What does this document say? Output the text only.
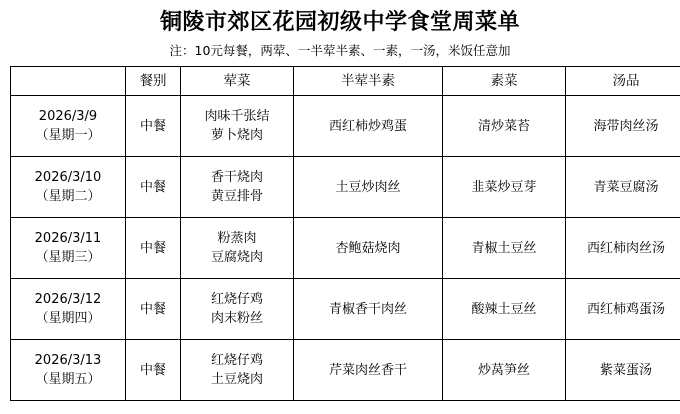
铜陵市郊区花园初级中学食堂周菜单
注：10元每餐，两荤、一半荤半素、一素，一汤，米饭任意加
	餐别	荤菜	半荤半素	素菜	汤品

2026/3/9
（星期一）	中餐	肉味千张结
萝卜烧肉	西红柿炒鸡蛋	清炒菜苔	海带肉丝汤

2026/3/10
（星期二）	中餐	香干烧肉
黄豆排骨	土豆炒肉丝	韭菜炒豆芽	青菜豆腐汤

2026/3/11
（星期三）	中餐	粉蒸肉
豆腐烧肉	杏鲍菇烧肉	青椒土豆丝	西红柿肉丝汤

2026/3/12
（星期四）	中餐	红烧仔鸡
肉末粉丝	青椒香干肉丝	酸辣土豆丝	西红柿鸡蛋汤

2026/3/13
（星期五）	中餐	红烧仔鸡
土豆烧肉	芹菜肉丝香干	炒莴笋丝	紫菜蛋汤
